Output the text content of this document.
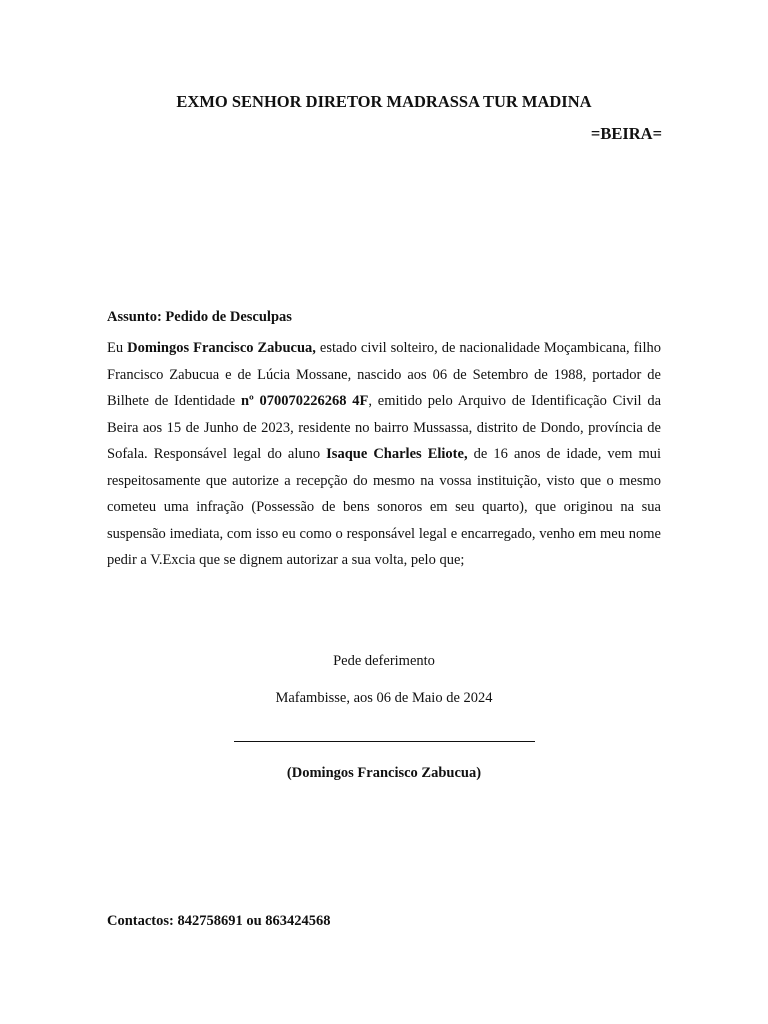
EXMO SENHOR DIRETOR MADRASSA TUR MADINA
=BEIRA=
Assunto: Pedido de Desculpas

Eu Domingos Francisco Zabucua, estado civil solteiro, de nacionalidade Moçambicana, filho Francisco Zabucua e de Lúcia Mossane, nascido aos 06 de Setembro de 1988, portador de Bilhete de Identidade nº 070070226268 4F, emitido pelo Arquivo de Identificação Civil da Beira aos 15 de Junho de 2023, residente no bairro Mussassa, distrito de Dondo, província de Sofala. Responsável legal do aluno Isaque Charles Eliote, de 16 anos de idade, vem mui respeitosamente que autorize a recepção do mesmo na vossa instituição, visto que o mesmo cometeu uma infração (Possessão de bens sonoros em seu quarto), que originou na sua suspensão imediata, com isso eu como o responsável legal e encarregado, venho em meu nome pedir a V.Excia que se dignem autorizar a sua volta, pelo que;

Pede deferimento
Mafambisse, aos 06 de Maio de 2024
(Domingos Francisco Zabucua)
Contactos: 842758691 ou 863424568
